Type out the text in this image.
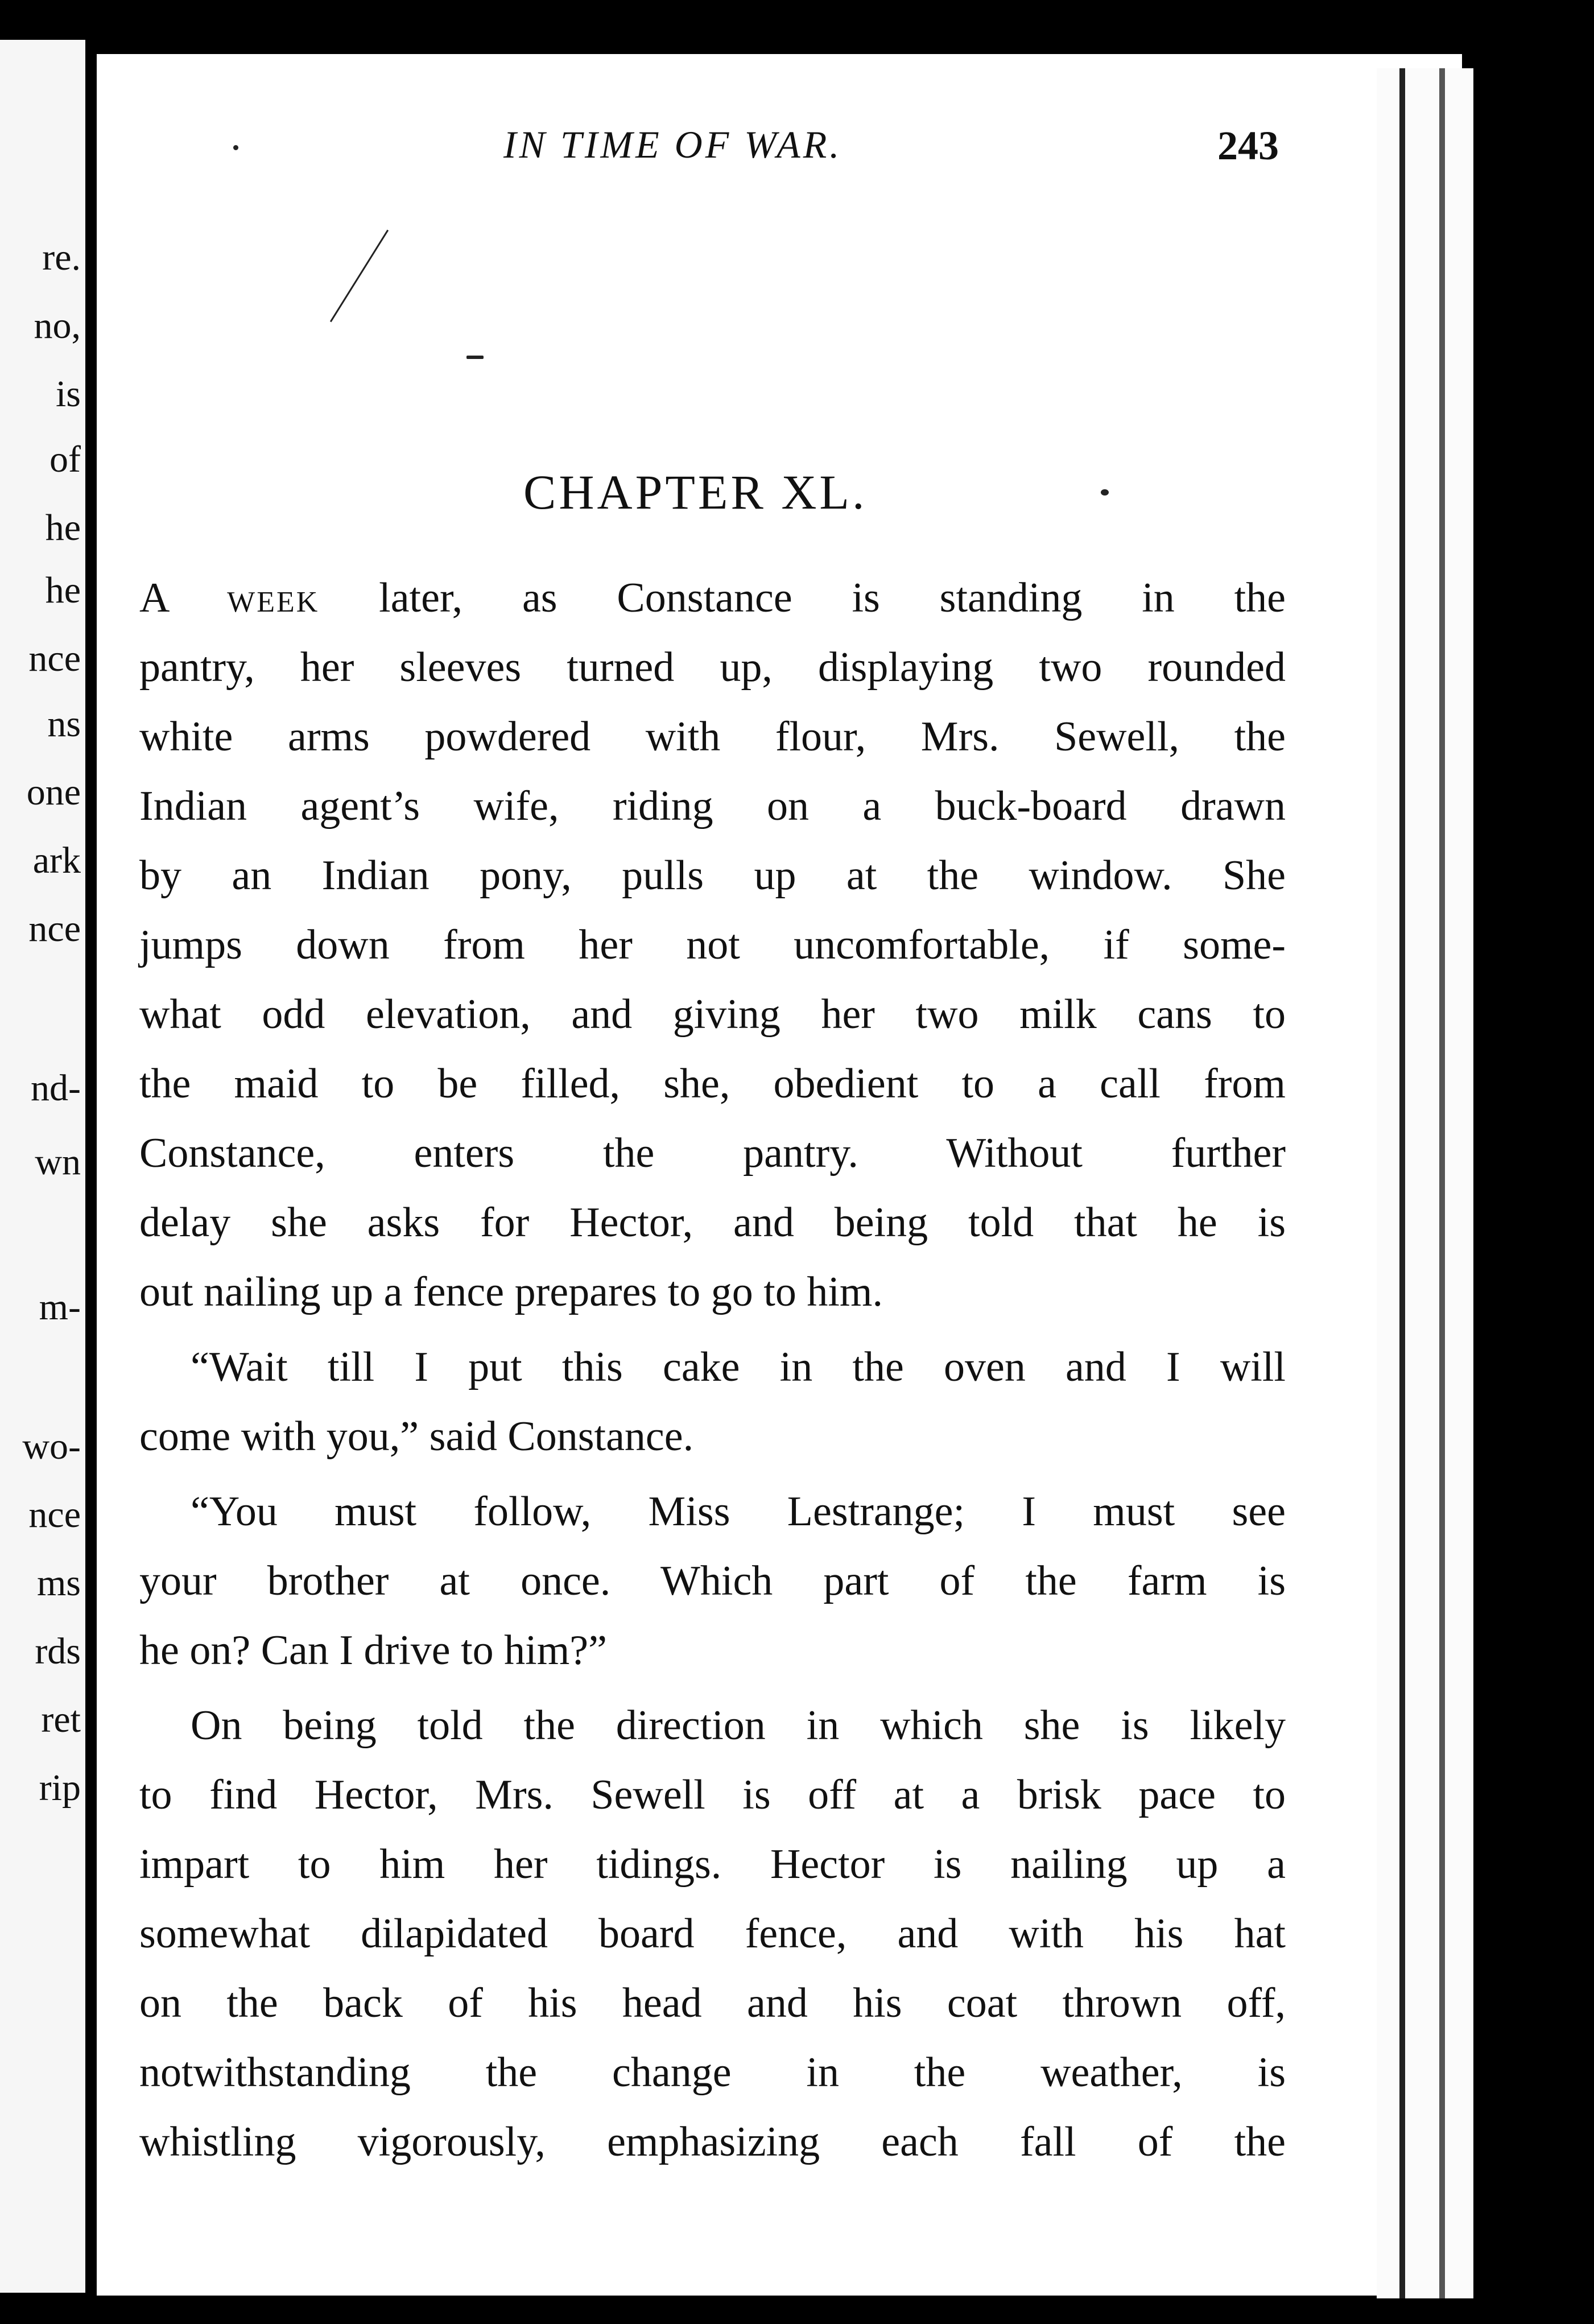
re.
no,
is
of
he
he
nce
ns
one
ark
nce
nd-
wn
m-
wo-
nce
ms
rds
ret
rip
IN TIME OF WAR.	243
CHAPTER XL.
A week later, as Constance is standing in the
pantry, her sleeves turned up, displaying two rounded
white arms powdered with flour, Mrs. Sewell, the
Indian agent’s wife, riding on a buck-board drawn
by an Indian pony, pulls up at the window. She
jumps down from her not uncomfortable, if some-
what odd elevation, and giving her two milk cans to
the maid to be filled, she, obedient to a call from
Constance, enters the pantry. Without further
delay she asks for Hector, and being told that he is
out nailing up a fence prepares to go to him.
“Wait till I put this cake in the oven and I will
come with you,” said Constance.
“You must follow, Miss Lestrange; I must see
your brother at once. Which part of the farm is
he on? Can I drive to him?”
On being told the direction in which she is likely
to find Hector, Mrs. Sewell is off at a brisk pace to
impart to him her tidings. Hector is nailing up a
somewhat dilapidated board fence, and with his hat
on the back of his head and his coat thrown off,
notwithstanding the change in the weather, is
whistling vigorously, emphasizing each fall of the
